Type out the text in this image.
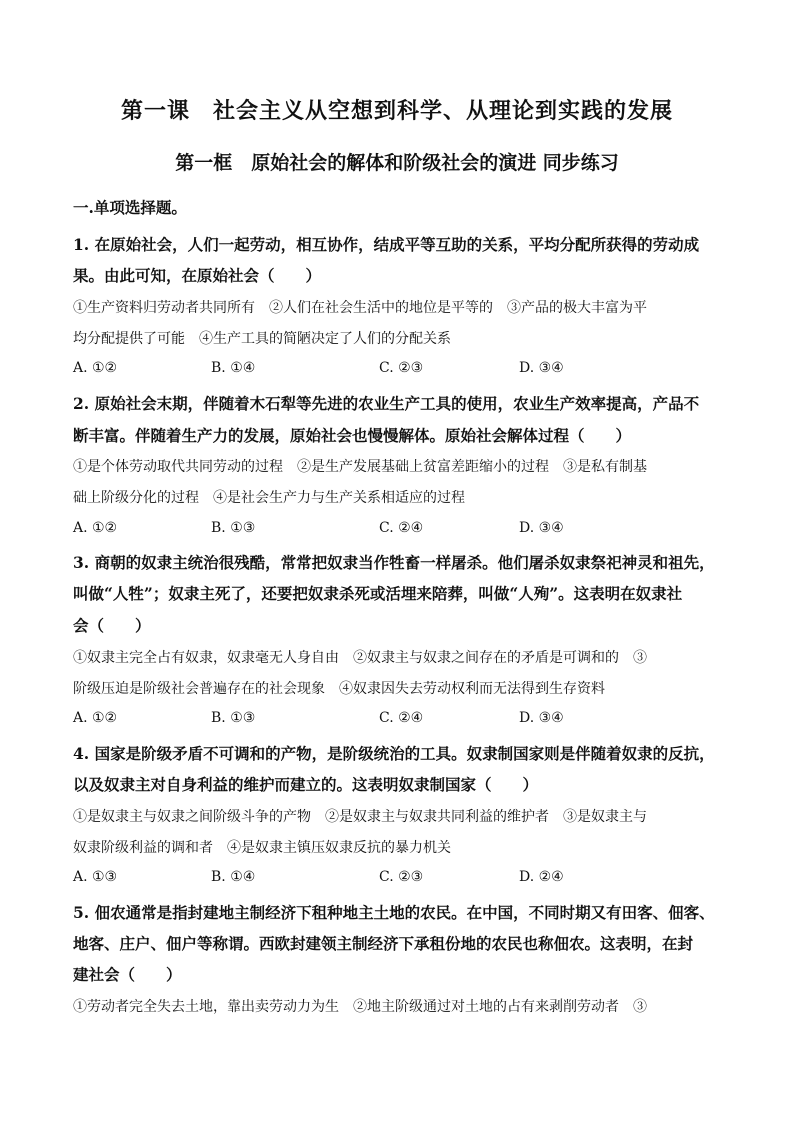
第一课　社会主义从空想到科学、从理论到实践的发展
第一框　原始社会的解体和阶级社会的演进 同步练习
一.单项选择题。
1. 在原始社会，人们一起劳动，相互协作，结成平等互助的关系，平均分配所获得的劳动成
果。由此可知，在原始社会（　　）
①生产资料归劳动者共同所有　②人们在社会生活中的地位是平等的　③产品的极大丰富为平
均分配提供了可能　④生产工具的简陋决定了人们的分配关系
A. ①②	B. ①④	C. ②③	D. ③④
2. 原始社会末期，伴随着木石犁等先进的农业生产工具的使用，农业生产效率提高，产品不
断丰富。伴随着生产力的发展，原始社会也慢慢解体。原始社会解体过程（　　）
①是个体劳动取代共同劳动的过程　②是生产发展基础上贫富差距缩小的过程　③是私有制基
础上阶级分化的过程　④是社会生产力与生产关系相适应的过程
A. ①②	B. ①③	C. ②④	D. ③④
3. 商朝的奴隶主统治很残酷，常常把奴隶当作牲畜一样屠杀。他们屠杀奴隶祭祀神灵和祖先，
叫做“人牲”；奴隶主死了，还要把奴隶杀死或活埋来陪葬，叫做“人殉”。这表明在奴隶社
会（　　）
①奴隶主完全占有奴隶，奴隶毫无人身自由　②奴隶主与奴隶之间存在的矛盾是可调和的　③
阶级压迫是阶级社会普遍存在的社会现象　④奴隶因失去劳动权利而无法得到生存资料
A. ①②	B. ①③	C. ②④	D. ③④
4. 国家是阶级矛盾不可调和的产物，是阶级统治的工具。奴隶制国家则是伴随着奴隶的反抗，
以及奴隶主对自身利益的维护而建立的。这表明奴隶制国家（　　）
①是奴隶主与奴隶之间阶级斗争的产物　②是奴隶主与奴隶共同利益的维护者　③是奴隶主与
奴隶阶级利益的调和者　④是奴隶主镇压奴隶反抗的暴力机关
A. ①③	B. ①④	C. ②③	D. ②④
5. 佃农通常是指封建地主制经济下租种地主土地的农民。在中国，不同时期又有田客、佃客、
地客、庄户、佃户等称谓。西欧封建领主制经济下承租份地的农民也称佃农。这表明，在封
建社会（　　）
①劳动者完全失去土地，靠出卖劳动力为生　②地主阶级通过对土地的占有来剥削劳动者　③
